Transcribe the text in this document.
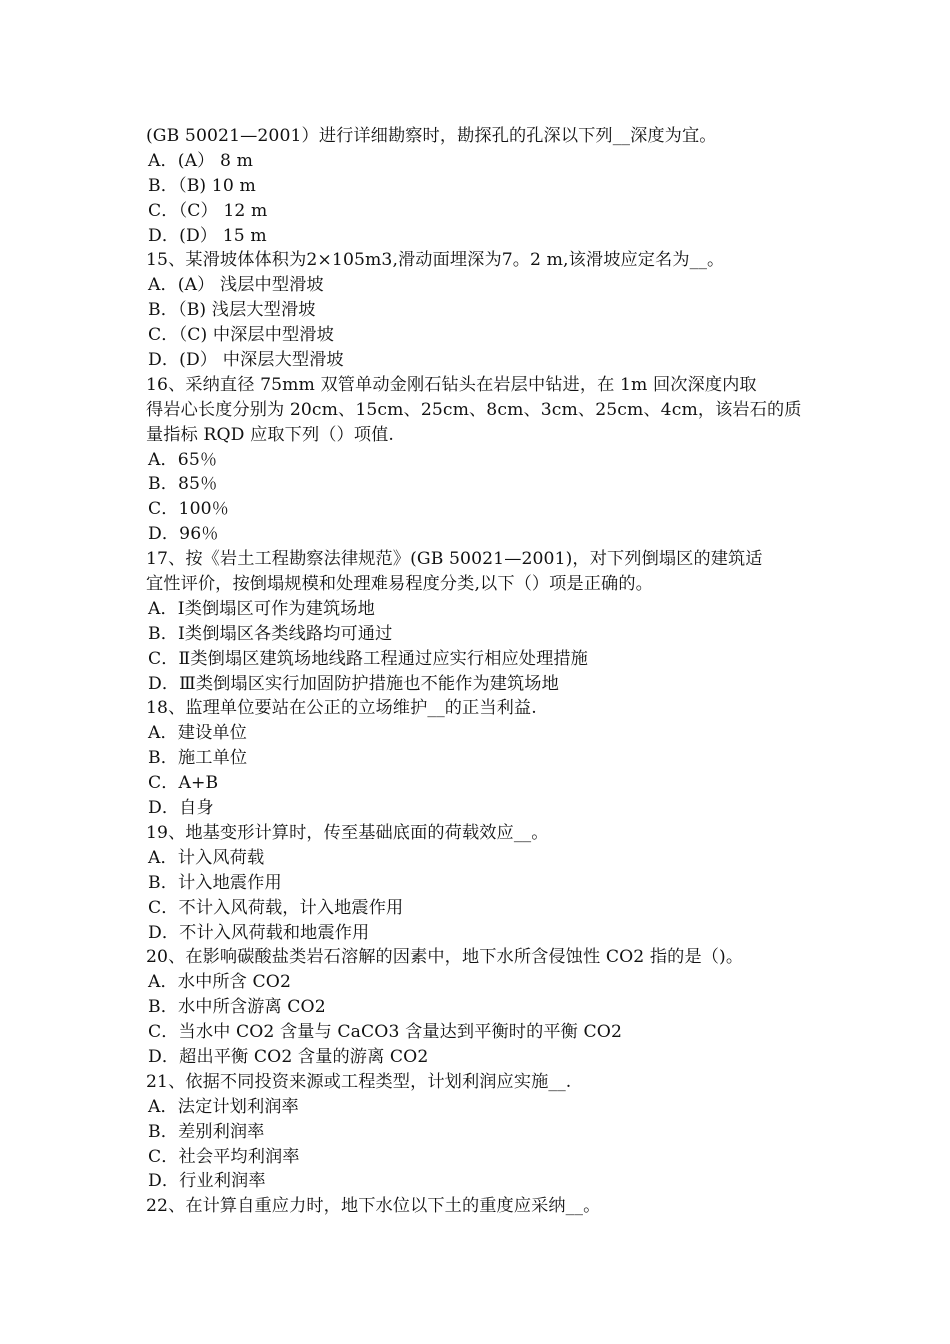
(GB 50021—2001）进行详细勘察时，勘探孔的孔深以下列__深度为宜。
A．(A） 8 m
B．（B) 10 m
C．（C） 12 m
D．(D） 15 m
15、某滑坡体体积为2×105m3,滑动面埋深为7。2 m,该滑坡应定名为__。
A．(A） 浅层中型滑坡
B．（B) 浅层大型滑坡
C．（C) 中深层中型滑坡
D．(D） 中深层大型滑坡
16、采纳直径 75mm 双管单动金刚石钻头在岩层中钻进，在 1m 回次深度内取
得岩心长度分别为 20cm、15cm、25cm、8cm、3cm、25cm、4cm，该岩石的质
量指标 RQD 应取下列（）项值.
A．65％
B．85％
C．100％
D．96％
17、按《岩土工程勘察法律规范》(GB 50021—2001)，对下列倒塌区的建筑适
宜性评价，按倒塌规模和处理难易程度分类,以下（）项是正确的。
A．Ⅰ类倒塌区可作为建筑场地
B．Ⅰ类倒塌区各类线路均可通过
C．Ⅱ类倒塌区建筑场地线路工程通过应实行相应处理措施
D．Ⅲ类倒塌区实行加固防护措施也不能作为建筑场地
18、监理单位要站在公正的立场维护__的正当利益.
A．建设单位
B．施工单位
C．A+B
D．自身
19、地基变形计算时，传至基础底面的荷载效应__。
A．计入风荷载
B．计入地震作用
C．不计入风荷载，计入地震作用
D．不计入风荷载和地震作用
20、在影响碳酸盐类岩石溶解的因素中，地下水所含侵蚀性 CO2 指的是（)。
A．水中所含 CO2
B．水中所含游离 CO2
C．当水中 CO2 含量与 CaCO3 含量达到平衡时的平衡 CO2
D．超出平衡 CO2 含量的游离 CO2
21、依据不同投资来源或工程类型，计划利润应实施__.
A．法定计划利润率
B．差别利润率
C．社会平均利润率
D．行业利润率
22、在计算自重应力时，地下水位以下土的重度应采纳__。
